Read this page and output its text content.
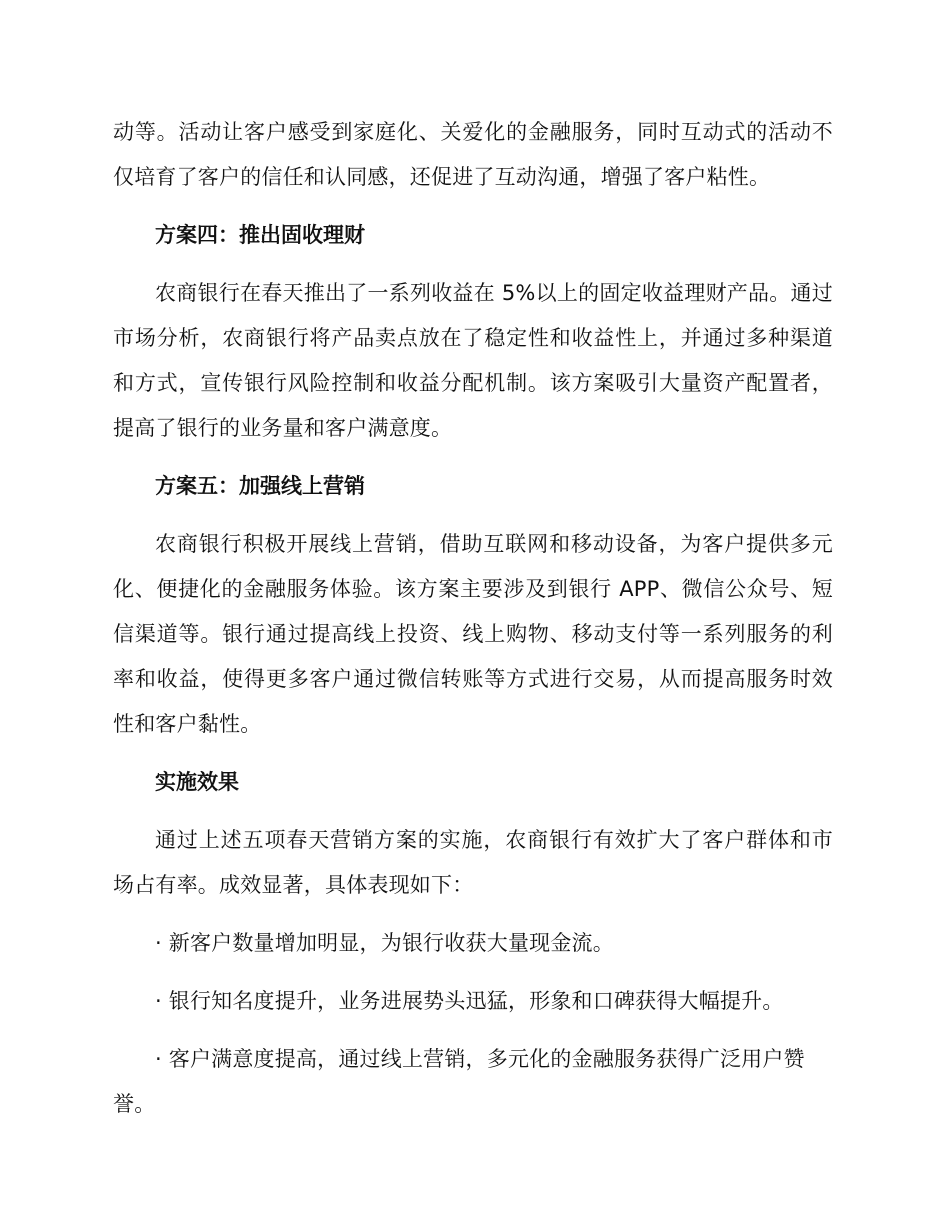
动等。活动让客户感受到家庭化、关爱化的金融服务，同时互动式的活动不仅培育了客户的信任和认同感，还促进了互动沟通，增强了客户粘性。

方案四：推出固收理财

农商银行在春天推出了一系列收益在 5%以上的固定收益理财产品。通过市场分析，农商银行将产品卖点放在了稳定性和收益性上，并通过多种渠道和方式，宣传银行风险控制和收益分配机制。该方案吸引大量资产配置者，提高了银行的业务量和客户满意度。

方案五：加强线上营销

农商银行积极开展线上营销，借助互联网和移动设备，为客户提供多元化、便捷化的金融服务体验。该方案主要涉及到银行 APP、微信公众号、短信渠道等。银行通过提高线上投资、线上购物、移动支付等一系列服务的利率和收益，使得更多客户通过微信转账等方式进行交易，从而提高服务时效性和客户黏性。

实施效果

通过上述五项春天营销方案的实施，农商银行有效扩大了客户群体和市场占有率。成效显著，具体表现如下：

· 新客户数量增加明显，为银行收获大量现金流。

· 银行知名度提升，业务进展势头迅猛，形象和口碑获得大幅提升。

· 客户满意度提高，通过线上营销，多元化的金融服务获得广泛用户赞誉。
